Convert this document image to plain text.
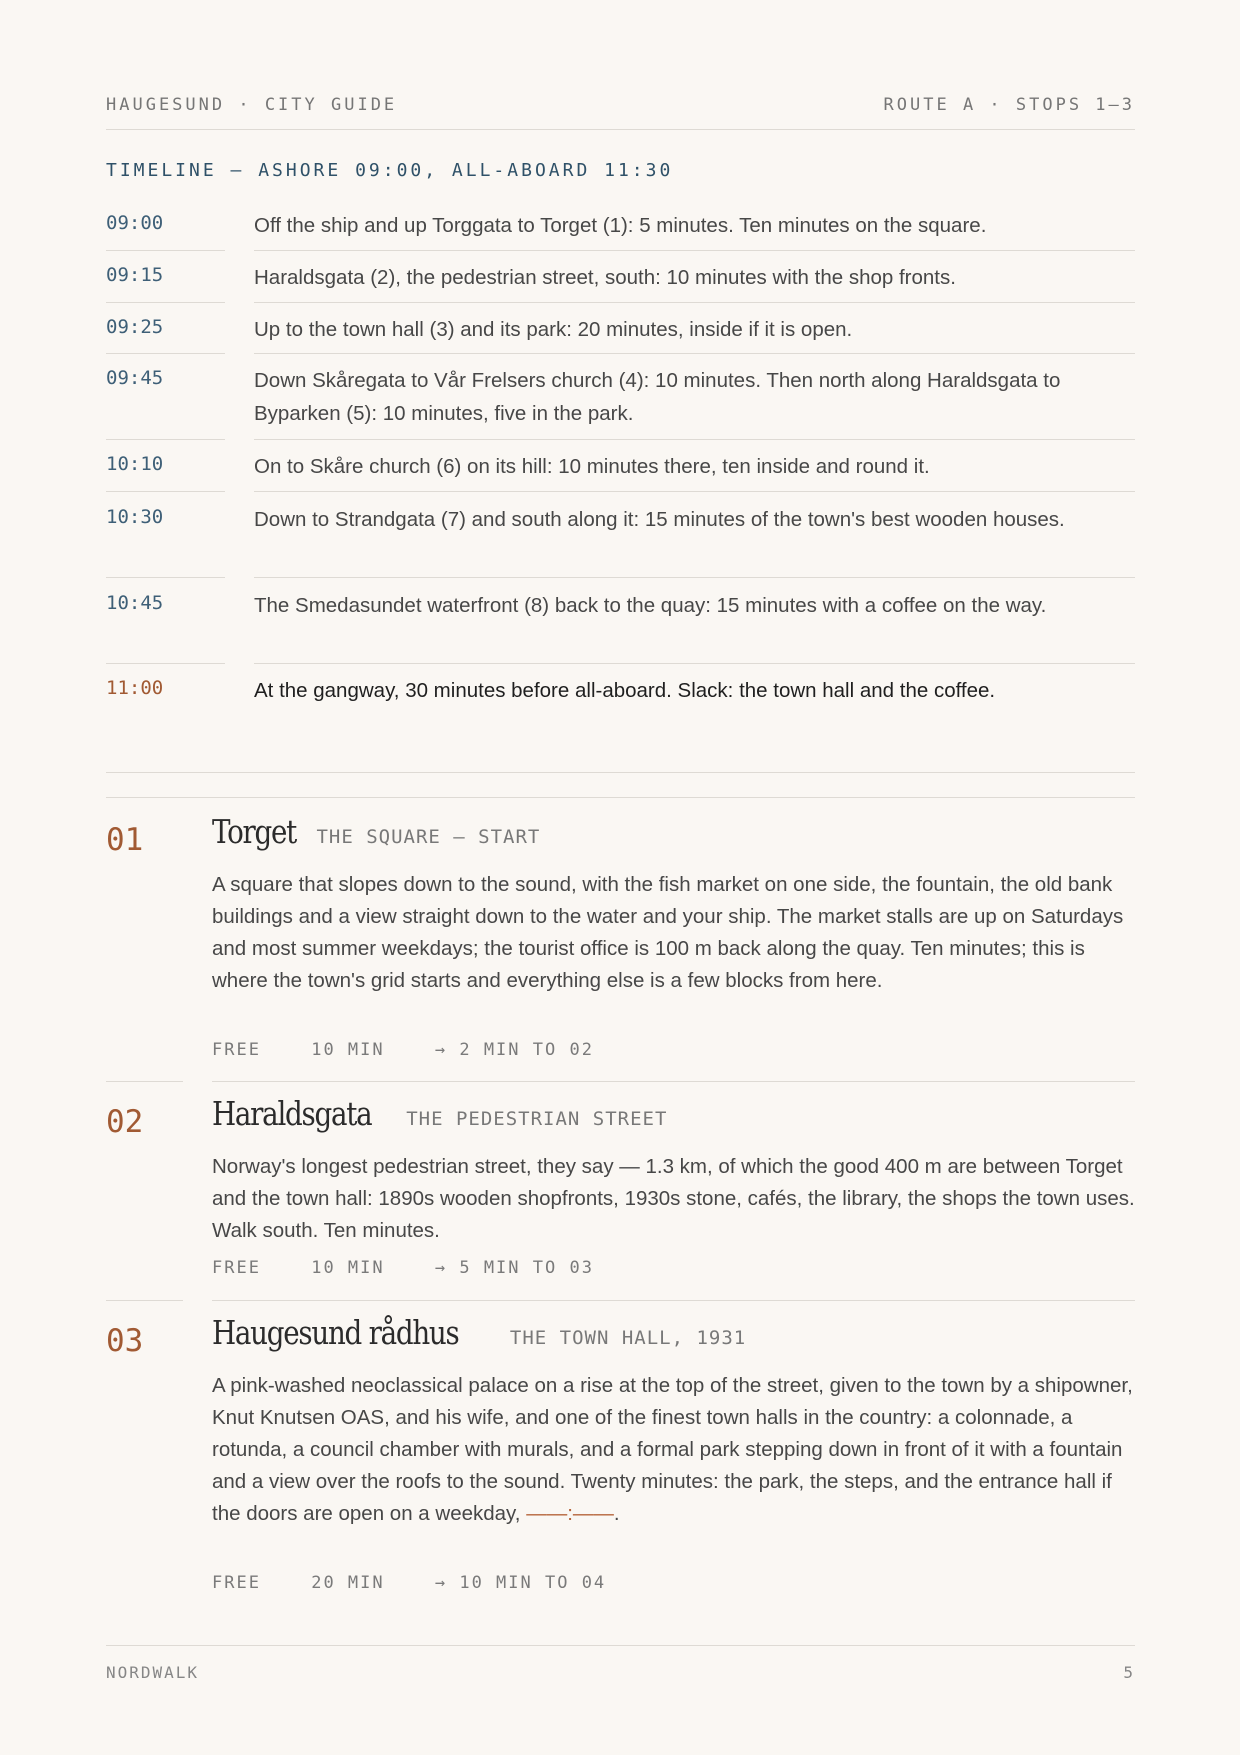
HAUGESUND · CITY GUIDE	ROUTE A · STOPS 1–3
TIMELINE — ASHORE 09:00, ALL-ABOARD 11:30
09:00	Off the ship and up Torggata to Torget (1): 5 minutes. Ten minutes on the square.
09:15	Haraldsgata (2), the pedestrian street, south: 10 minutes with the shop fronts.
09:25	Up to the town hall (3) and its park: 20 minutes, inside if it is open.
09:45	Down Skåregata to Vår Frelsers church (4): 10 minutes. Then north along Haraldsgata to Byparken (5): 10 minutes, five in the park.
10:10	On to Skåre church (6) on its hill: 10 minutes there, ten inside and round it.
10:30	Down to Strandgata (7) and south along it: 15 minutes of the town's best wooden houses.
10:45	The Smedasundet waterfront (8) back to the quay: 15 minutes with a coffee on the way.
11:00	At the gangway, 30 minutes before all-aboard. Slack: the town hall and the coffee.
01 Torget THE SQUARE — START
A square that slopes down to the sound, with the fish market on one side, the fountain, the old bank buildings and a view straight down to the water and your ship. The market stalls are up on Saturdays and most summer weekdays; the tourist office is 100 m back along the quay. Ten minutes; this is where the town's grid starts and everything else is a few blocks from here.
FREE	10 MIN	→ 2 MIN TO 02
02 Haraldsgata THE PEDESTRIAN STREET
Norway's longest pedestrian street, they say — 1.3 km, of which the good 400 m are between Torget and the town hall: 1890s wooden shopfronts, 1930s stone, cafés, the library, the shops the town uses. Walk south. Ten minutes.
FREE	10 MIN	→ 5 MIN TO 03
03 Haugesund rådhus	THE TOWN HALL, 1931
A pink-washed neoclassical palace on a rise at the top of the street, given to the town by a shipowner, Knut Knutsen OAS, and his wife, and one of the finest town halls in the country: a colonnade, a rotunda, a council chamber with murals, and a formal park stepping down in front of it with a fountain and a view over the roofs to the sound. Twenty minutes: the park, the steps, and the entrance hall if the doors are open on a weekday, ——:——.
FREE	20 MIN	→ 10 MIN TO 04
NORDWALK	5
